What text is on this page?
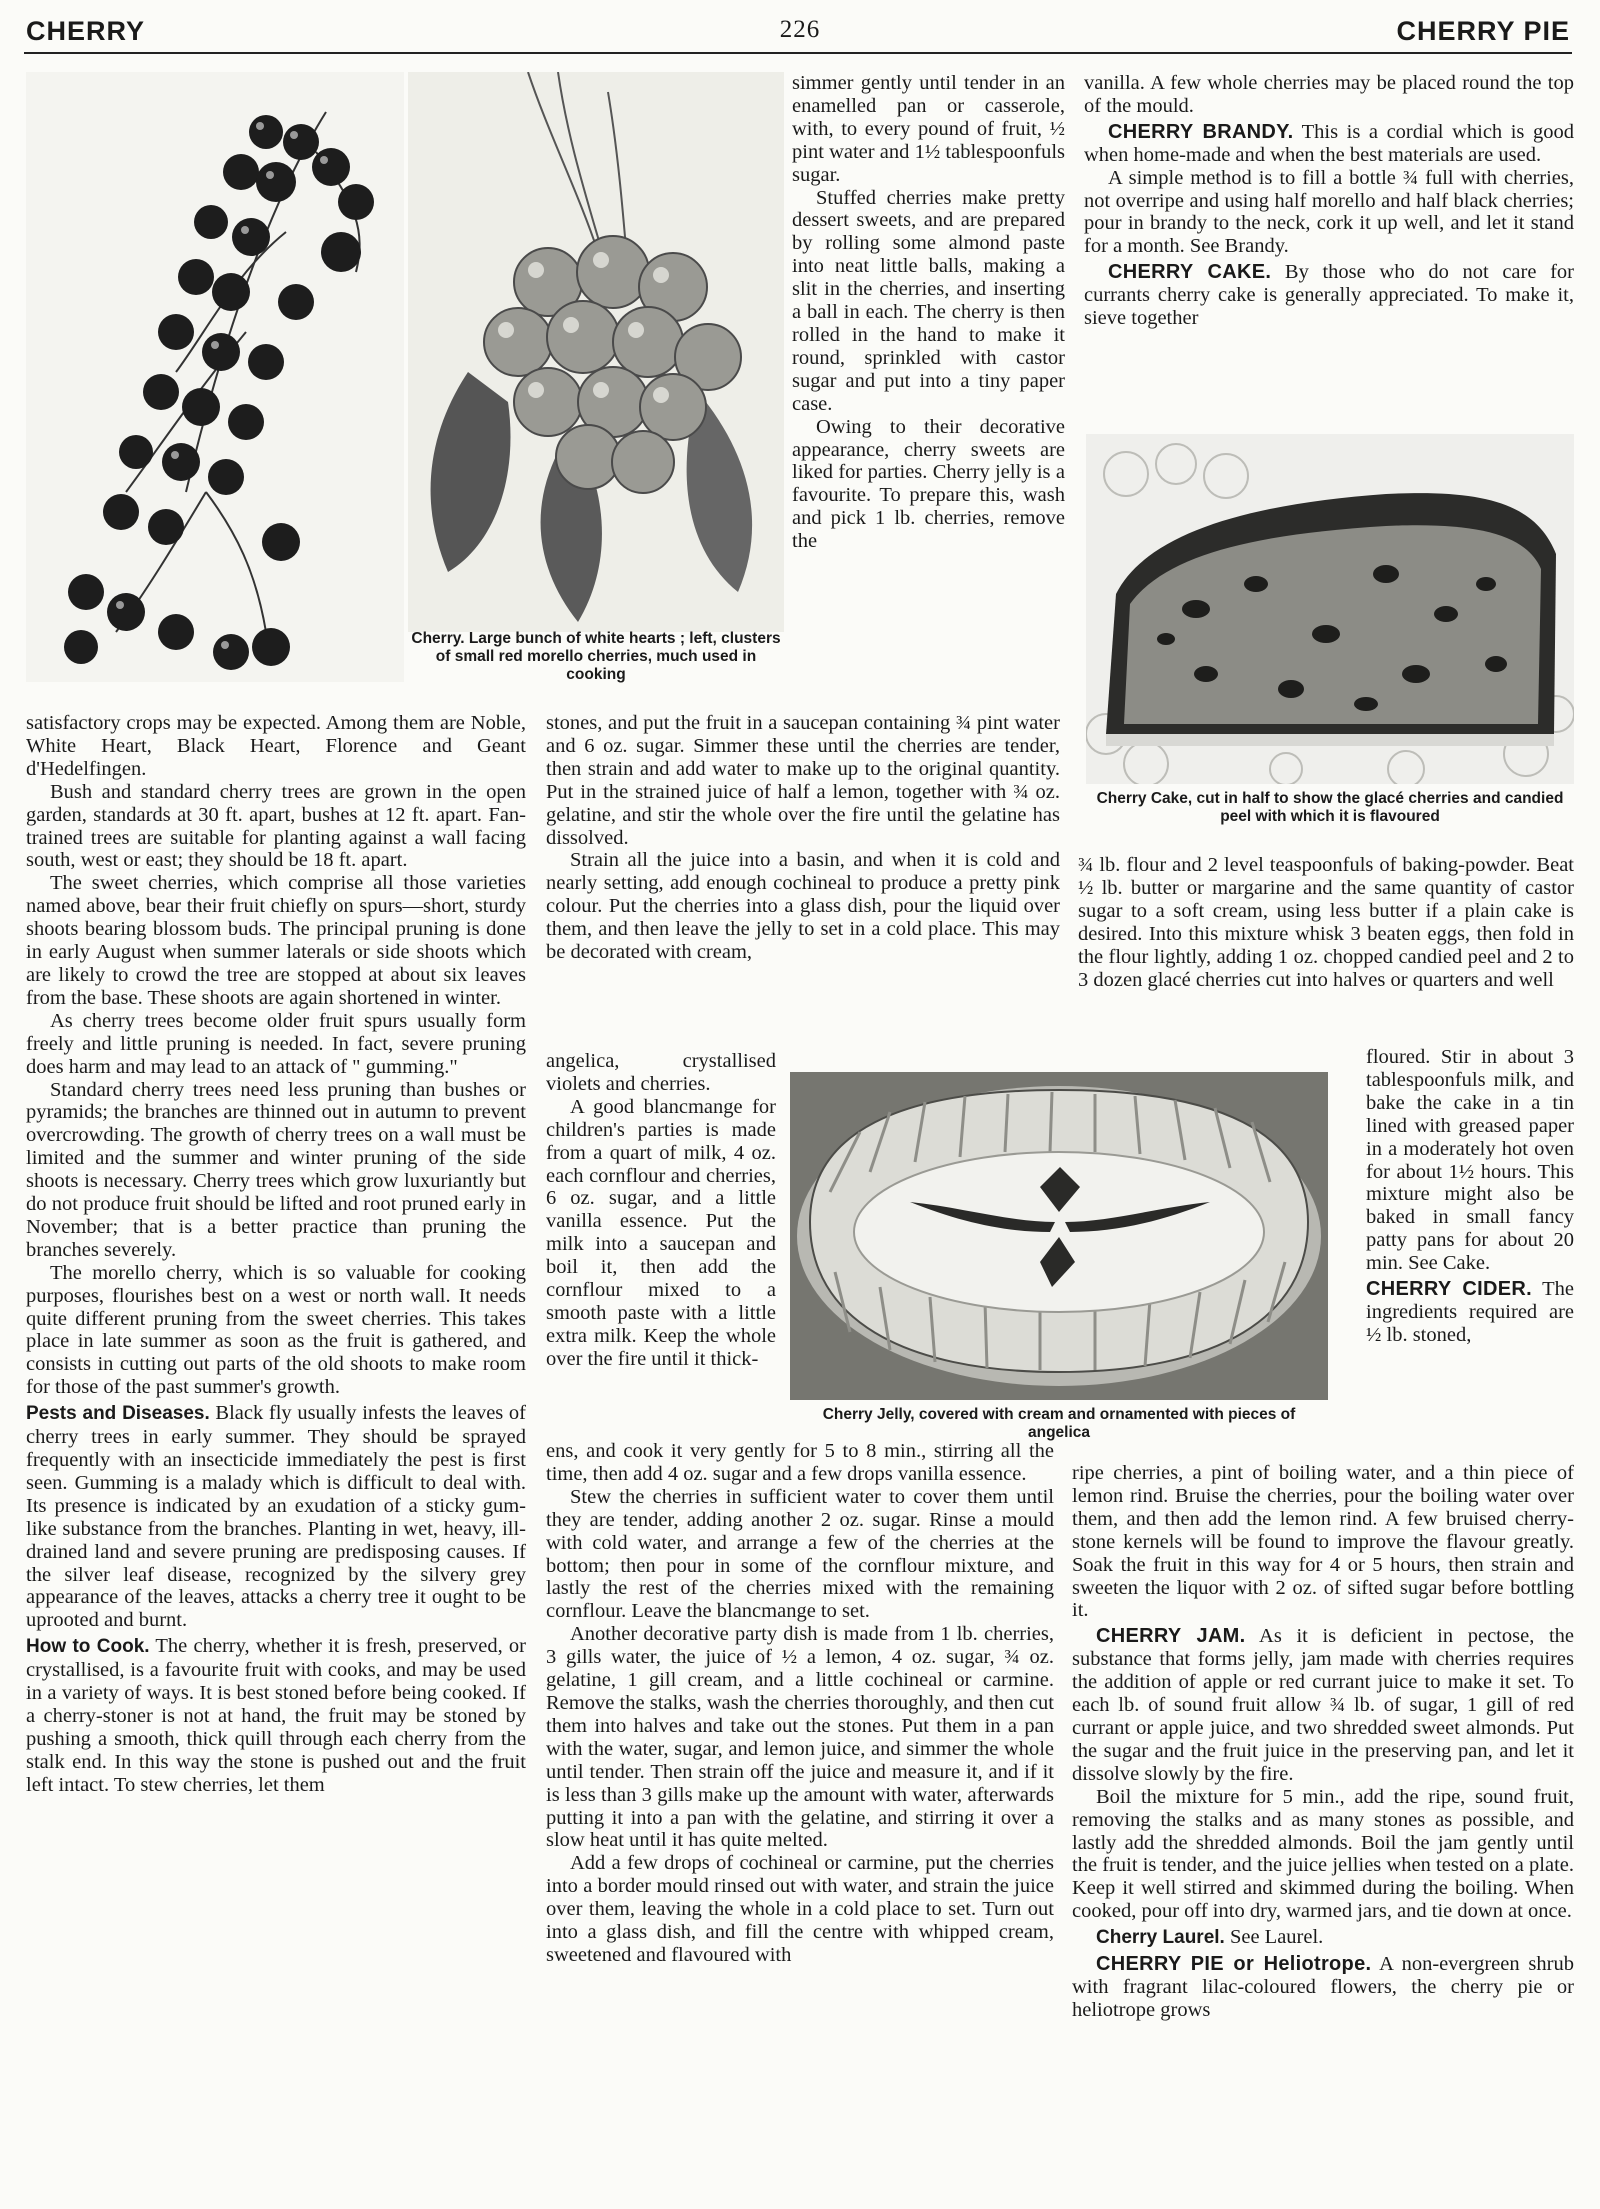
CHERRY	226	CHERRY PIE
Cherry. Large bunch of white hearts ; left, clusters of small red morello cherries, much used in cooking

simmer gently until tender in an enamelled pan or casserole, with, to every pound of fruit, ½ pint water and 1½ tablespoonfuls sugar.

Stuffed cherries make pretty dessert sweets, and are prepared by rolling some almond paste into neat little balls, making a slit in the cherries, and inserting a ball in each. The cherry is then rolled in the hand to make it round, sprinkled with castor sugar and put into a tiny paper case.

Owing to their decorative appearance, cherry sweets are liked for parties. Cherry jelly is a favourite. To prepare this, wash and pick 1 lb. cherries, remove the

satisfactory crops may be expected. Among them are Noble, White Heart, Black Heart, Florence and Geant d'Hedelfingen.

Bush and standard cherry trees are grown in the open garden, standards at 30 ft. apart, bushes at 12 ft. apart. Fan-trained trees are suitable for planting against a wall facing south, west or east; they should be 18 ft. apart.

The sweet cherries, which comprise all those varieties named above, bear their fruit chiefly on spurs—short, sturdy shoots bearing blossom buds. The principal pruning is done in early August when summer laterals or side shoots which are likely to crowd the tree are stopped at about six leaves from the base. These shoots are again shortened in winter.

As cherry trees become older fruit spurs usually form freely and little pruning is needed. In fact, severe pruning does harm and may lead to an attack of " gumming."

Standard cherry trees need less pruning than bushes or pyramids; the branches are thinned out in autumn to prevent overcrowding. The growth of cherry trees on a wall must be limited and the summer and winter pruning of the side shoots is necessary. Cherry trees which grow luxuriantly but do not produce fruit should be lifted and root pruned early in November; that is a better practice than pruning the branches severely.

The morello cherry, which is so valuable for cooking purposes, flourishes best on a west or north wall. It needs quite different pruning from the sweet cherries. This takes place in late summer as soon as the fruit is gathered, and consists in cutting out parts of the old shoots to make room for those of the past summer's growth.

Pests and Diseases. Black fly usually infests the leaves of cherry trees in early summer. They should be sprayed frequently with an insecticide immediately the pest is first seen. Gumming is a malady which is difficult to deal with. Its presence is indicated by an exudation of a sticky gum-like substance from the branches. Planting in wet, heavy, ill-drained land and severe pruning are predisposing causes. If the silver leaf disease, recognized by the silvery grey appearance of the leaves, attacks a cherry tree it ought to be uprooted and burnt.

How to Cook. The cherry, whether it is fresh, preserved, or crystallised, is a favourite fruit with cooks, and may be used in a variety of ways. It is best stoned before being cooked. If a cherry-stoner is not at hand, the fruit may be stoned by pushing a smooth, thick quill through each cherry from the stalk end. In this way the stone is pushed out and the fruit left intact. To stew cherries, let them

stones, and put the fruit in a saucepan containing ¾ pint water and 6 oz. sugar. Simmer these until the cherries are tender, then strain and add water to make up to the original quantity. Put in the strained juice of half a lemon, together with ¾ oz. gelatine, and stir the whole over the fire until the gelatine has dissolved.

Strain all the juice into a basin, and when it is cold and nearly setting, add enough cochineal to produce a pretty pink colour. Put the cherries into a glass dish, pour the liquid over them, and then leave the jelly to set in a cold place. This may be decorated with cream,

angelica, crystallised violets and cherries.

A good blancmange for children's parties is made from a quart of milk, 4 oz. each cornflour and cherries, 6 oz. sugar, and a little vanilla essence. Put the milk into a saucepan and boil it, then add the cornflour mixed to a smooth paste with a little extra milk. Keep the whole over the fire until it thick-

Cherry Jelly, covered with cream and ornamented with pieces of angelica

ens, and cook it very gently for 5 to 8 min., stirring all the time, then add 4 oz. sugar and a few drops vanilla essence.

Stew the cherries in sufficient water to cover them until they are tender, adding another 2 oz. sugar. Rinse a mould with cold water, and arrange a few of the cherries at the bottom; then pour in some of the cornflour mixture, and lastly the rest of the cherries mixed with the remaining cornflour. Leave the blancmange to set.

Another decorative party dish is made from 1 lb. cherries, 3 gills water, the juice of ½ a lemon, 4 oz. sugar, ¾ oz. gelatine, 1 gill cream, and a little cochineal or carmine. Remove the stalks, wash the cherries thoroughly, and then cut them into halves and take out the stones. Put them in a pan with the water, sugar, and lemon juice, and simmer the whole until tender. Then strain off the juice and measure it, and if it is less than 3 gills make up the amount with water, afterwards putting it into a pan with the gelatine, and stirring it over a slow heat until it has quite melted.

Add a few drops of cochineal or carmine, put the cherries into a border mould rinsed out with water, and strain the juice over them, leaving the whole in a cold place to set. Turn out into a glass dish, and fill the centre with whipped cream, sweetened and flavoured with

vanilla. A few whole cherries may be placed round the top of the mould.

CHERRY BRANDY. This is a cordial which is good when home-made and when the best materials are used.

A simple method is to fill a bottle ¾ full with cherries, not overripe and using half morello and half black cherries; pour in brandy to the neck, cork it up well, and let it stand for a month. See Brandy.

CHERRY CAKE. By those who do not care for currants cherry cake is generally appreciated. To make it, sieve together

Cherry Cake, cut in half to show the glacé cherries and candied peel with which it is flavoured

¾ lb. flour and 2 level teaspoonfuls of baking-powder. Beat ½ lb. butter or margarine and the same quantity of castor sugar to a soft cream, using less butter if a plain cake is desired. Into this mixture whisk 3 beaten eggs, then fold in the flour lightly, adding 1 oz. chopped candied peel and 2 to 3 dozen glacé cherries cut into halves or quarters and well

floured. Stir in about 3 tablespoonfuls milk, and bake the cake in a tin lined with greased paper in a moderately hot oven for about 1½ hours. This mixture might also be baked in small fancy patty pans for about 20 min. See Cake.

CHERRY CIDER. The ingredients required are ½ lb. stoned,

ripe cherries, a pint of boiling water, and a thin piece of lemon rind. Bruise the cherries, pour the boiling water over them, and then add the lemon rind. A few bruised cherry-stone kernels will be found to improve the flavour greatly. Soak the fruit in this way for 4 or 5 hours, then strain and sweeten the liquor with 2 oz. of sifted sugar before bottling it.

CHERRY JAM. As it is deficient in pectose, the substance that forms jelly, jam made with cherries requires the addition of apple or red currant juice to make it set. To each lb. of sound fruit allow ¾ lb. of sugar, 1 gill of red currant or apple juice, and two shredded sweet almonds. Put the sugar and the fruit juice in the preserving pan, and let it dissolve slowly by the fire.

Boil the mixture for 5 min., add the ripe, sound fruit, removing the stalks and as many stones as possible, and lastly add the shredded almonds. Boil the jam gently until the fruit is tender, and the juice jellies when tested on a plate. Keep it well stirred and skimmed during the boiling. When cooked, pour off into dry, warmed jars, and tie down at once.

Cherry Laurel. See Laurel.

CHERRY PIE or Heliotrope. A non-evergreen shrub with fragrant lilac-coloured flowers, the cherry pie or heliotrope grows
